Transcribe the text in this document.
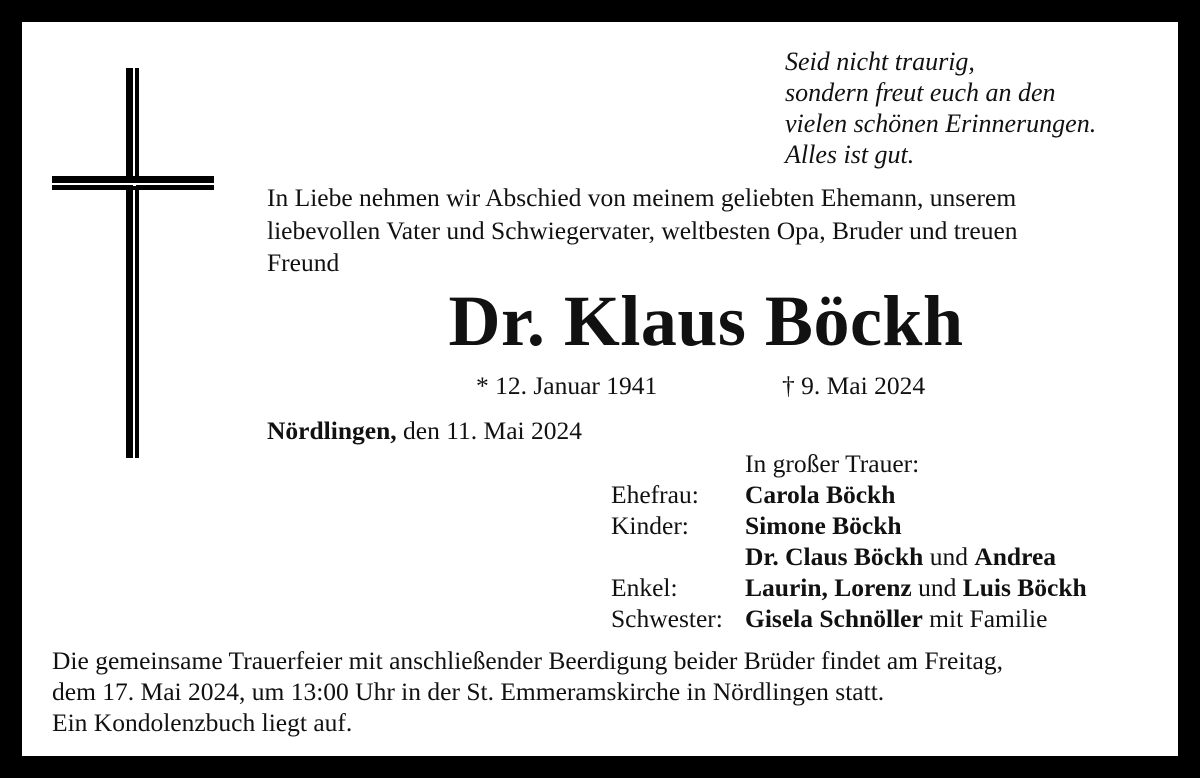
Seid nicht traurig,
sondern freut euch an den
vielen schönen Erinnerungen.
Alles ist gut.
In Liebe nehmen wir Abschied von meinem geliebten Ehemann, unserem
liebevollen Vater und Schwiegervater, weltbesten Opa, Bruder und treuen
Freund
Dr. Klaus Böckh
* 12. Januar 1941	† 9. Mai 2024
Nördlingen, den 11. Mai 2024
In großer Trauer:
Ehefrau:	Carola Böckh
Kinder:	Simone Böckh
Dr. Claus Böckh und Andrea
Enkel:	Laurin, Lorenz und Luis Böckh
Schwester: Gisela Schnöller mit Familie
Die gemeinsame Trauerfeier mit anschließender Beerdigung beider Brüder findet am Freitag,
dem 17. Mai 2024, um 13:00 Uhr in der St. Emmeramskirche in Nördlingen statt.
Ein Kondolenzbuch liegt auf.
